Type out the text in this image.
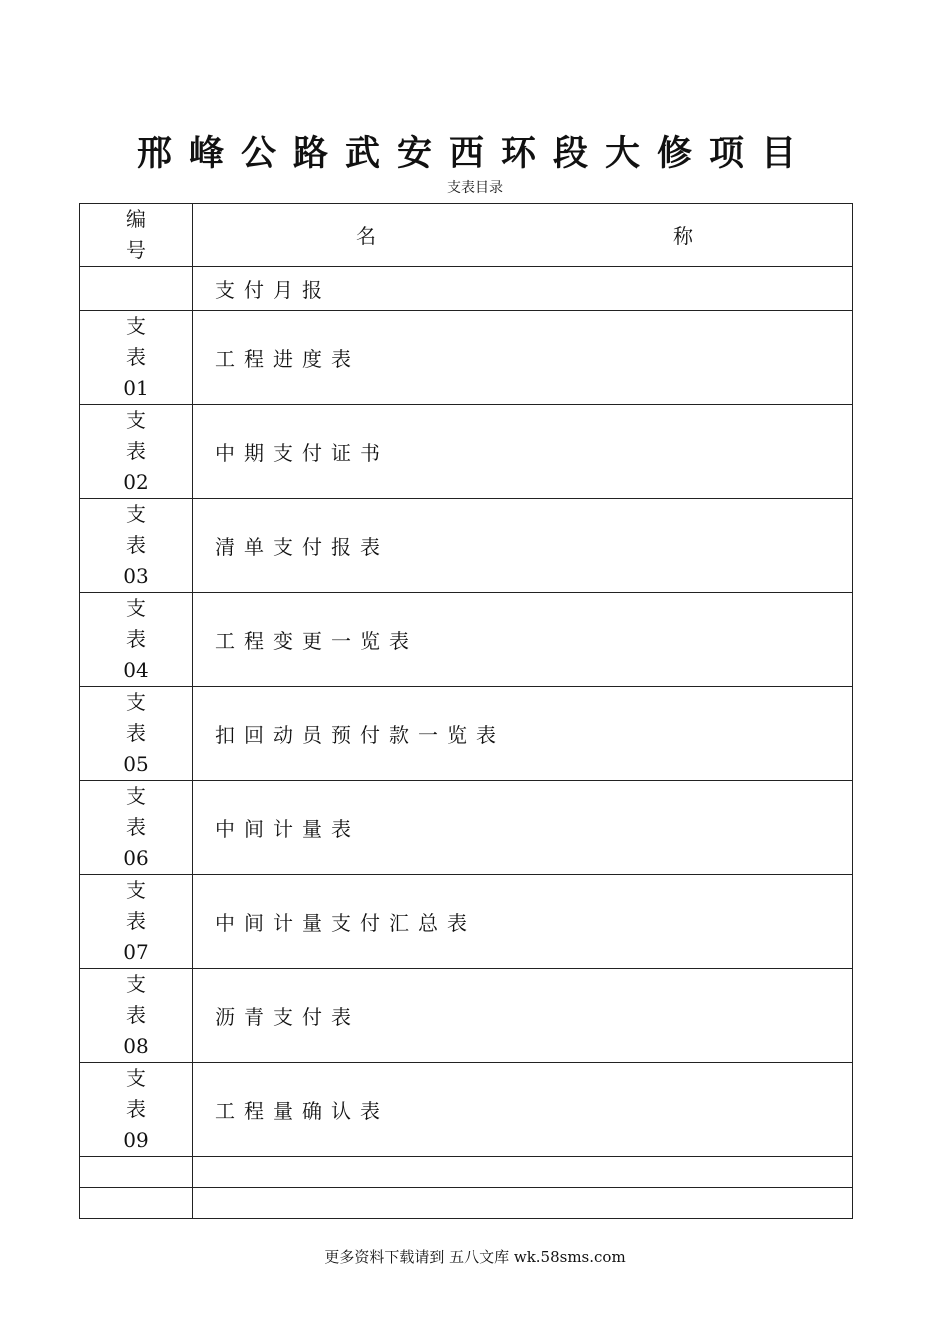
邢峰公路武安西环段大修项目

支表目录

编
号	名 称

	支付月报

支
表
01	工程进度表

支
表
02	中期支付证书

支
表
03	清单支付报表

支
表
04	工程变更一览表

支
表
05	扣回动员预付款一览表

支
表
06	中间计量表

支
表
07	中间计量支付汇总表

支
表
08	沥青支付表

支
表
09	工程量确认表

更多资料下载请到 五八文库 wk.58sms.com
